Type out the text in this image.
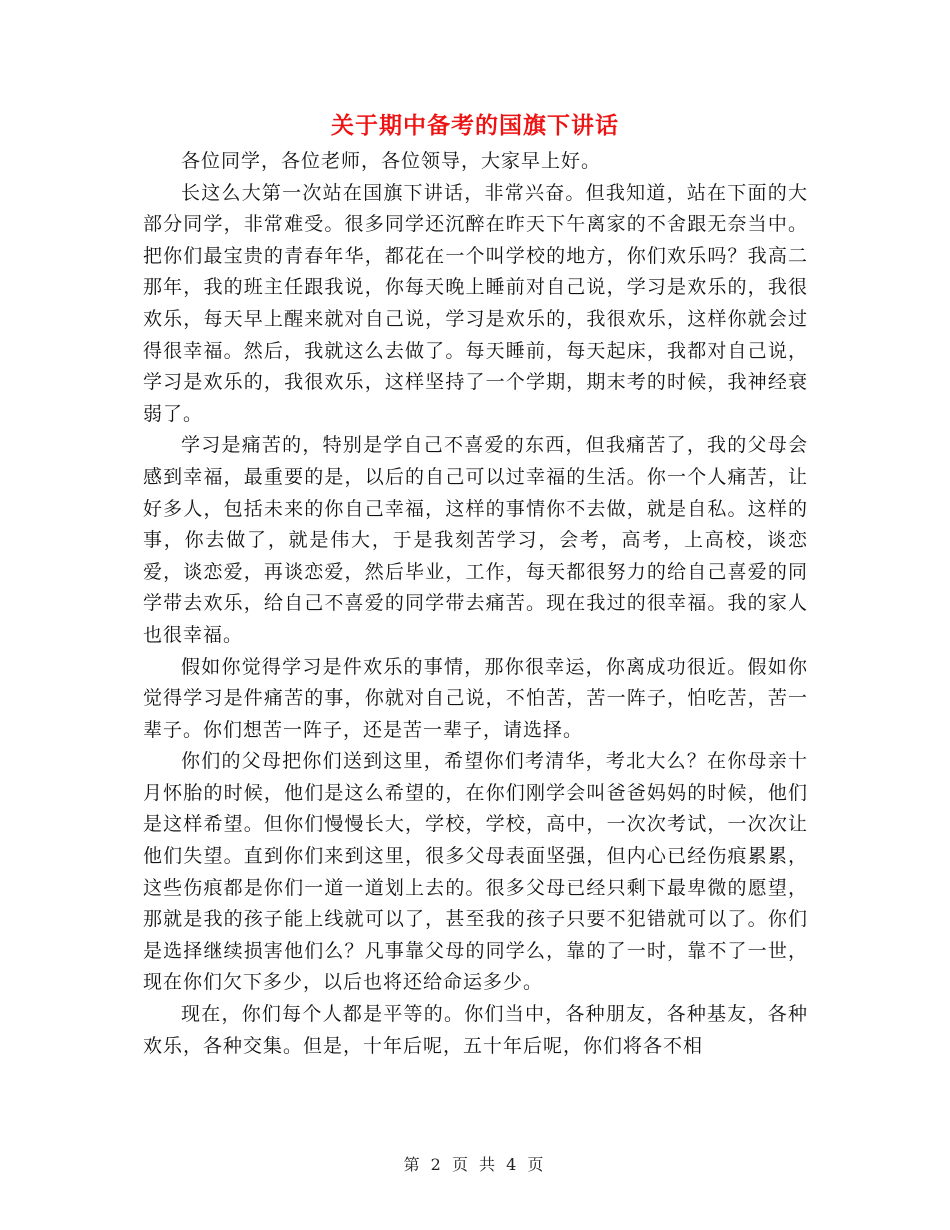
关于期中备考的国旗下讲话

各位同学，各位老师，各位领导，大家早上好。

长这么大第一次站在国旗下讲话，非常兴奋。但我知道，站在下面的大部分同学，非常难受。很多同学还沉醉在昨天下午离家的不舍跟无奈当中。把你们最宝贵的青春年华，都花在一个叫学校的地方，你们欢乐吗？我高二那年，我的班主任跟我说，你每天晚上睡前对自己说，学习是欢乐的，我很欢乐，每天早上醒来就对自己说，学习是欢乐的，我很欢乐，这样你就会过得很幸福。然后，我就这么去做了。每天睡前，每天起床，我都对自己说，学习是欢乐的，我很欢乐，这样坚持了一个学期，期末考的时候，我神经衰弱了。

学习是痛苦的，特别是学自己不喜爱的东西，但我痛苦了，我的父母会感到幸福，最重要的是，以后的自己可以过幸福的生活。你一个人痛苦，让好多人，包括未来的你自己幸福，这样的事情你不去做，就是自私。这样的事，你去做了，就是伟大，于是我刻苦学习，会考，高考，上高校，谈恋爱，谈恋爱，再谈恋爱，然后毕业，工作，每天都很努力的给自己喜爱的同学带去欢乐，给自己不喜爱的同学带去痛苦。现在我过的很幸福。我的家人也很幸福。

假如你觉得学习是件欢乐的事情，那你很幸运，你离成功很近。假如你觉得学习是件痛苦的事，你就对自己说，不怕苦，苦一阵子，怕吃苦，苦一辈子。你们想苦一阵子，还是苦一辈子，请选择。

你们的父母把你们送到这里，希望你们考清华，考北大么？在你母亲十月怀胎的时候，他们是这么希望的，在你们刚学会叫爸爸妈妈的时候，他们是这样希望。但你们慢慢长大，学校，学校，高中，一次次考试，一次次让他们失望。直到你们来到这里，很多父母表面坚强，但内心已经伤痕累累，这些伤痕都是你们一道一道划上去的。很多父母已经只剩下最卑微的愿望，那就是我的孩子能上线就可以了，甚至我的孩子只要不犯错就可以了。你们是选择继续损害他们么？凡事靠父母的同学么，靠的了一时，靠不了一世，现在你们欠下多少，以后也将还给命运多少。

现在，你们每个人都是平等的。你们当中，各种朋友，各种基友，各种欢乐，各种交集。但是，十年后呢，五十年后呢，你们将各不相

第 2 页 共 4 页
